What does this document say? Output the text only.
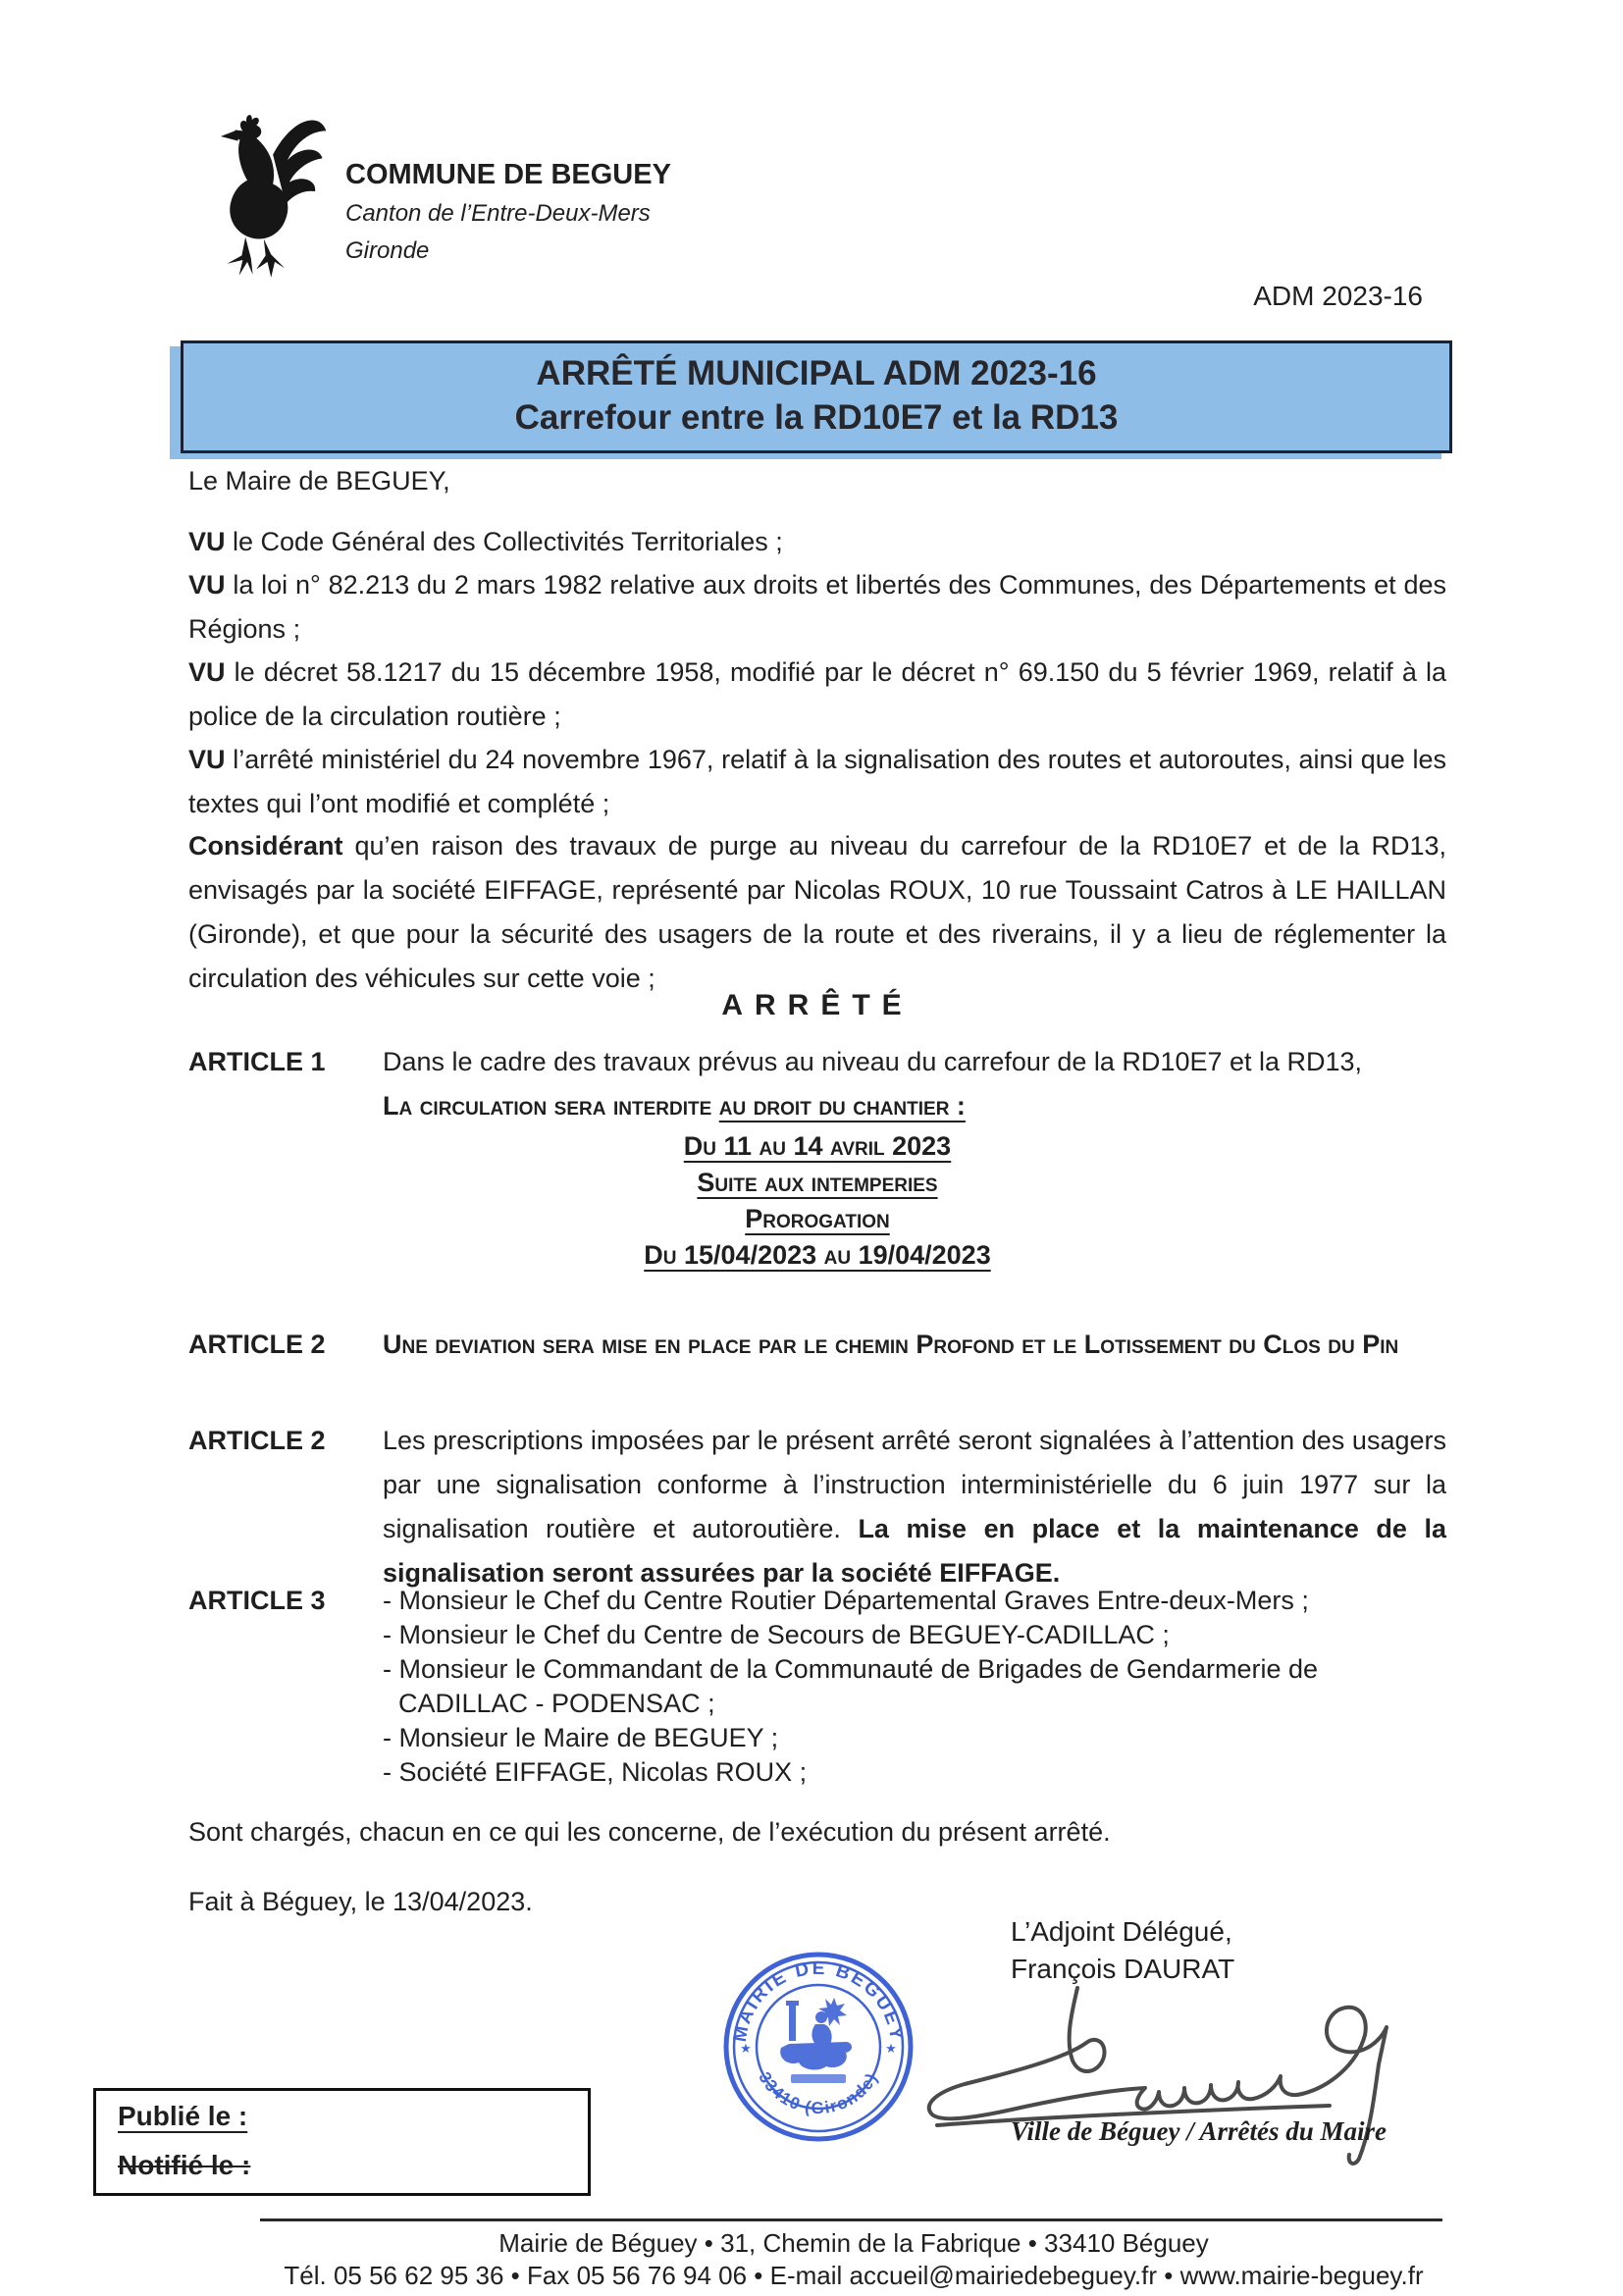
COMMUNE DE BEGUEY
Canton de l’Entre-Deux-Mers
Gironde
ADM 2023-16
ARRÊTÉ MUNICIPAL ADM 2023-16
Carrefour entre la RD10E7 et la RD13
Le Maire de BEGUEY,
VU le Code Général des Collectivités Territoriales ;
VU la loi n° 82.213 du 2 mars 1982 relative aux droits et libertés des Communes, des Départements et des Régions ;
VU le décret 58.1217 du 15 décembre 1958, modifié par le décret n° 69.150 du 5 février 1969, relatif à la police de la circulation routière ;
VU l’arrêté ministériel du 24 novembre 1967, relatif à la signalisation des routes et autoroutes, ainsi que les textes qui l’ont modifié et complété ;
Considérant qu’en raison des travaux de purge au niveau du carrefour de la RD10E7 et de la RD13, envisagés par la société EIFFAGE, représenté par Nicolas ROUX, 10 rue Toussaint Catros à LE HAILLAN (Gironde), et que pour la sécurité des usagers de la route et des riverains, il y a lieu de réglementer la circulation des véhicules sur cette voie ;
ARRÊTÉ
ARTICLE 1	Dans le cadre des travaux prévus au niveau du carrefour de la RD10E7 et la RD13,
La circulation sera interdite au droit du chantier :
Du 11 au 14 avril 2023
Suite aux intemperies
Prorogation
Du 15/04/2023 au 19/04/2023
ARTICLE 2	Une deviation sera mise en place par le chemin Profond et le Lotissement du Clos du Pin
ARTICLE 2	Les prescriptions imposées par le présent arrêté seront signalées à l’attention des usagers par une signalisation conforme à l’instruction interministérielle du 6 juin 1977 sur la signalisation routière et autoroutière. La mise en place et la maintenance de la signalisation seront assurées par la société EIFFAGE.
ARTICLE 3	- Monsieur le Chef du Centre Routier Départemental Graves Entre-deux-Mers ;
- Monsieur le Chef du Centre de Secours de BEGUEY-CADILLAC ;
- Monsieur le Commandant de la Communauté de Brigades de Gendarmerie de
CADILLAC - PODENSAC ;
- Monsieur le Maire de BEGUEY ;
- Société EIFFAGE, Nicolas ROUX ;
Sont chargés, chacun en ce qui les concerne, de l’exécution du présent arrêté.
Fait à Béguey, le 13/04/2023.
L’Adjoint Délégué,
François DAURAT
MAIRIE DE BEGUEY
33410 (Gironde)
★	★
Ville de Béguey / Arrêtés du Maire
Publié le :
Notifié le :
Mairie de Béguey • 31, Chemin de la Fabrique • 33410 Béguey
Tél. 05 56 62 95 36 • Fax 05 56 76 94 06 • E-mail accueil@mairiedebeguey.fr • www.mairie-beguey.fr
